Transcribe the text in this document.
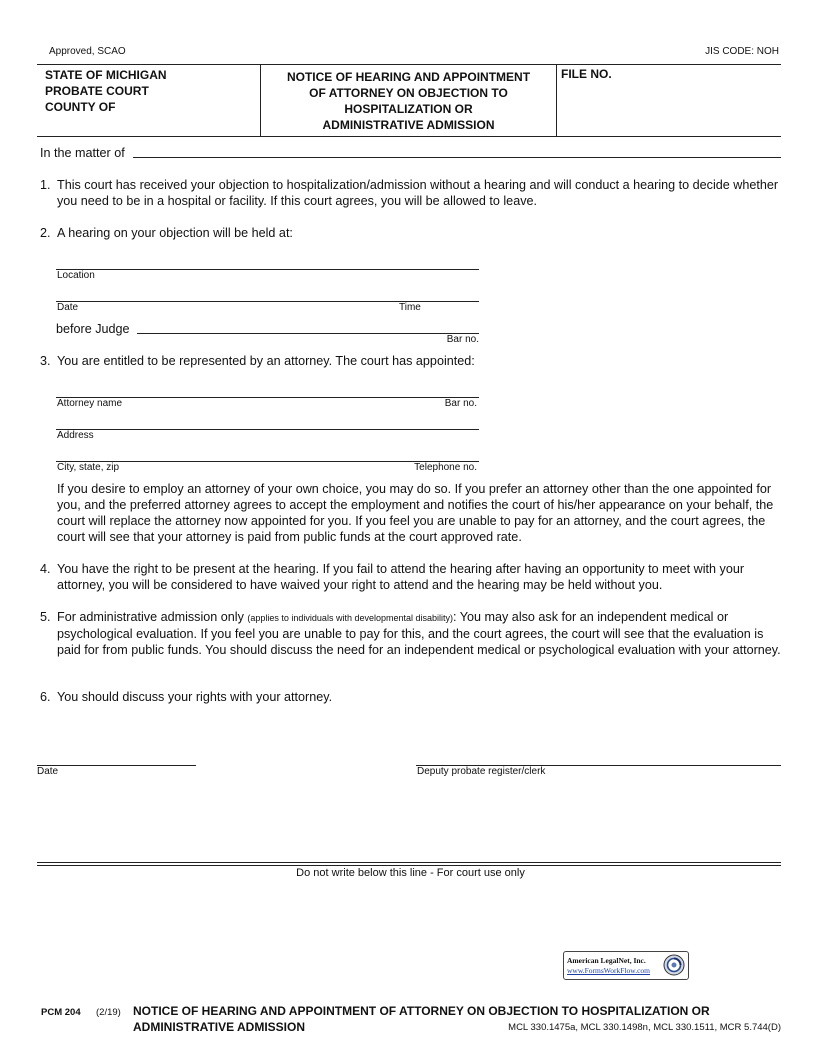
Approved, SCAO	JIS CODE: NOH
STATE OF MICHIGAN
PROBATE COURT
COUNTY OF
NOTICE OF HEARING AND APPOINTMENT
OF ATTORNEY ON OBJECTION TO
HOSPITALIZATION OR
ADMINISTRATIVE ADMISSION
FILE NO.
In the matter of
1. This court has received your objection to hospitalization/admission without a hearing and will conduct a hearing to decide whether you need to be in a hospital or facility. If this court agrees, you will be allowed to leave.
2. A hearing on your objection will be held at:
Location
Date	Time
before Judge
Bar no.
3. You are entitled to be represented by an attorney. The court has appointed:
Attorney name	Bar no.
Address
City, state, zip	Telephone no.
If you desire to employ an attorney of your own choice, you may do so. If you prefer an attorney other than the one appointed for you, and the preferred attorney agrees to accept the employment and notifies the court of his/her appearance on your behalf, the court will replace the attorney now appointed for you. If you feel you are unable to pay for an attorney, and the court agrees, the court will see that your attorney is paid from public funds at the court approved rate.
4. You have the right to be present at the hearing. If you fail to attend the hearing after having an opportunity to meet with your attorney, you will be considered to have waived your right to attend and the hearing may be held without you.
5. For administrative admission only (applies to individuals with developmental disability): You may also ask for an independent medical or psychological evaluation. If you feel you are unable to pay for this, and the court agrees, the court will see that the evaluation is paid for from public funds. You should discuss the need for an independent medical or psychological evaluation with your attorney.
6. You should discuss your rights with your attorney.
Date	Deputy probate register/clerk
Do not write below this line - For court use only
American LegalNet, Inc.
www.FormsWorkFlow.com
PCM 204 (2/19) NOTICE OF HEARING AND APPOINTMENT OF ATTORNEY ON OBJECTION TO HOSPITALIZATION OR
ADMINISTRATIVE ADMISSION	MCL 330.1475a, MCL 330.1498n, MCL 330.1511, MCR 5.744(D)
